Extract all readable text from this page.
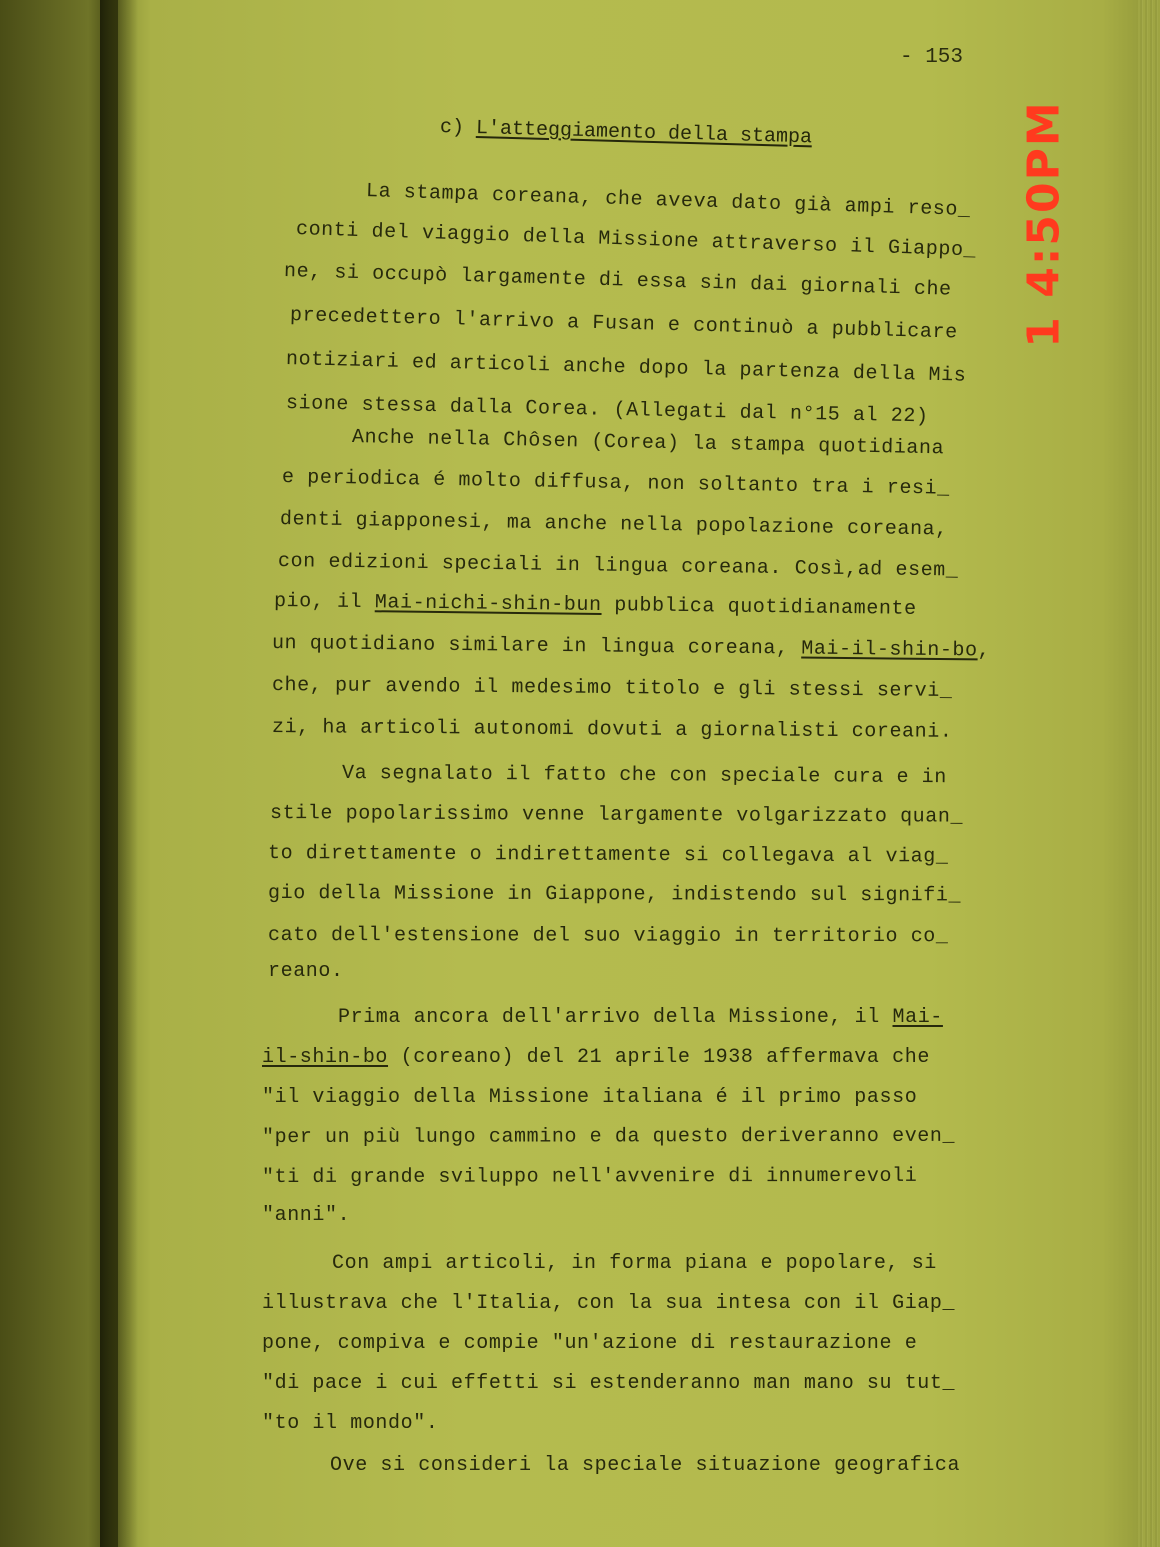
- 153
c) L'atteggiamento della stampa
La stampa coreana, che aveva dato già ampi reso_
conti del viaggio della Missione attraverso il Giappo_
ne, si occupò largamente di essa sin dai giornali che
precedettero l'arrivo a Fusan e continuò a pubblicare
notiziari ed articoli anche dopo la partenza della Mis
sione stessa dalla Corea. (Allegati dal n°15 al 22)
Anche nella Chôsen (Corea) la stampa quotidiana
e periodica é molto diffusa, non soltanto tra i resi_
denti giapponesi, ma anche nella popolazione coreana,
con edizioni speciali in lingua coreana. Così,ad esem_
pio, il Mai-nichi-shin-bun pubblica quotidianamente
un quotidiano similare in lingua coreana, Mai-il-shin-bo,
che, pur avendo il medesimo titolo e gli stessi servi_
zi, ha articoli autonomi dovuti a giornalisti coreani.
Va segnalato il fatto che con speciale cura e in
stile popolarissimo venne largamente volgarizzato quan_
to direttamente o indirettamente si collegava al viag_
gio della Missione in Giappone, indistendo sul signifi_
cato dell'estensione del suo viaggio in territorio co_
reano.
Prima ancora dell'arrivo della Missione, il Mai-
il-shin-bo (coreano) del 21 aprile 1938 affermava che
"il viaggio della Missione italiana é il primo passo
"per un più lungo cammino e da questo deriveranno even_
"ti di grande sviluppo nell'avvenire di innumerevoli
"anni".
Con ampi articoli, in forma piana e popolare, si
illustrava che l'Italia, con la sua intesa con il Giap_
pone, compiva e compie "un'azione di restaurazione e
"di pace i cui effetti si estenderanno man mano su tut_
"to il mondo".
Ove si consideri la speciale situazione geografica
1 4:50PM
